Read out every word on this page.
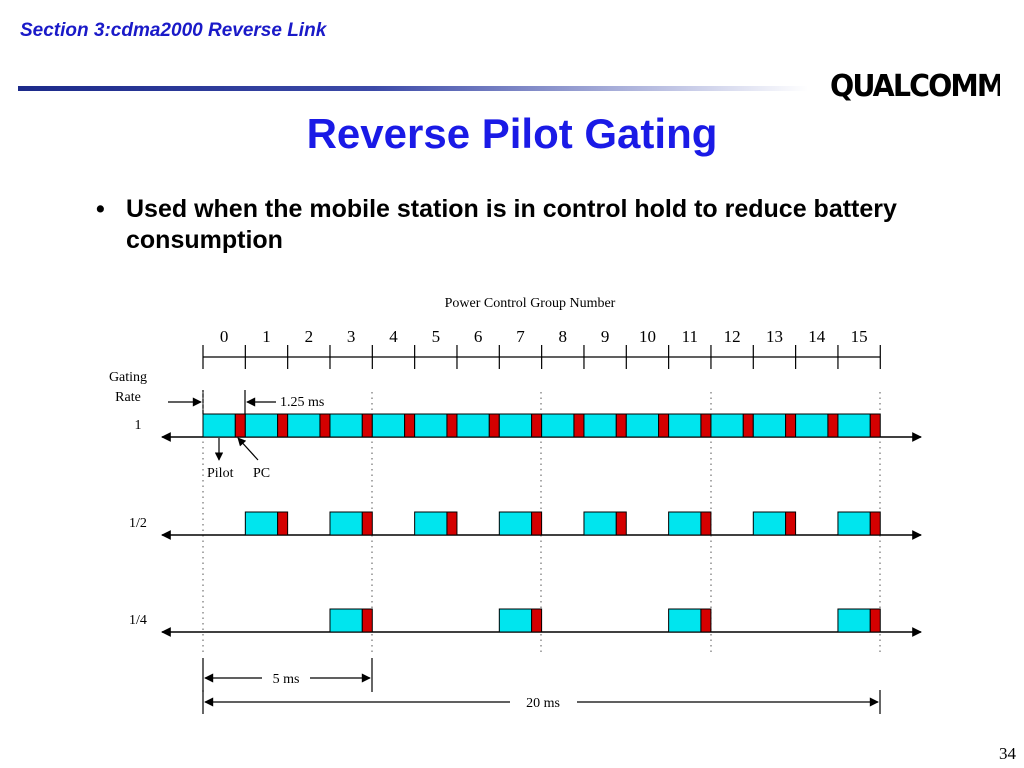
Section 3:cdma2000 Reverse Link
QUALCOMM
Reverse Pilot Gating
• Used when the mobile station is in control hold to reduce battery consumption
Power Control Group Number
0 1 2 3 4 5 6 7 8 9 10 11 12 13 14 15
Gating
Rate	1.25 ms
1
1/2
1/4
Pilot PC
5 ms
20 ms
34
